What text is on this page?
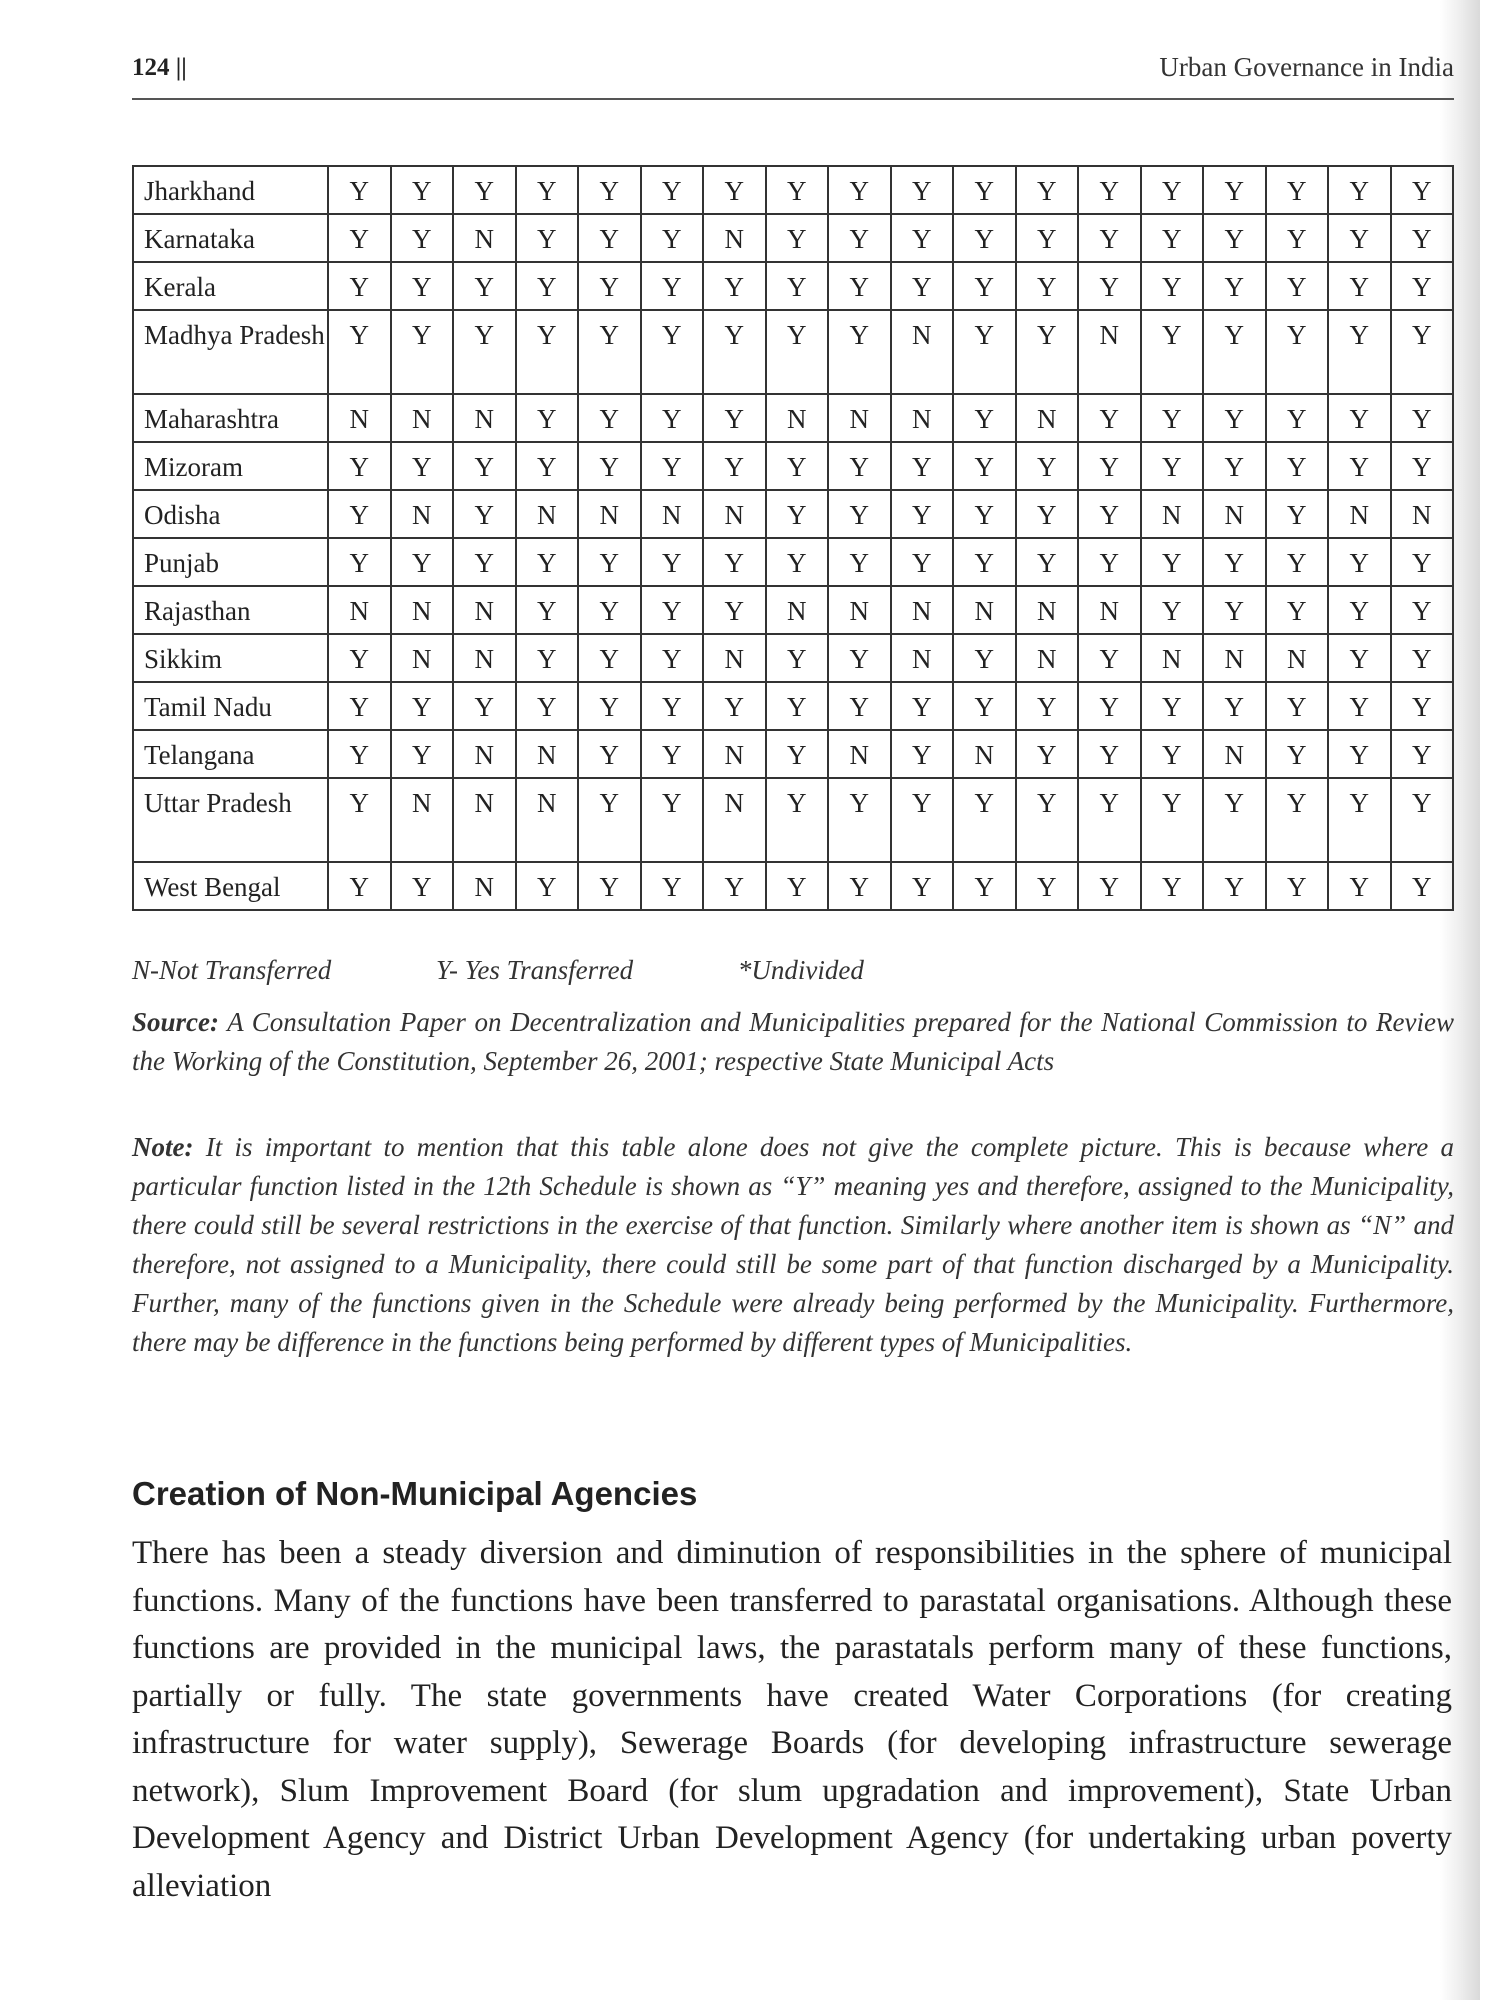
124 ||	Urban Governance in India
Jharkhand	Y	Y	Y	Y	Y	Y	Y	Y	Y	Y	Y	Y	Y	Y	Y	Y	Y	Y
Karnataka	Y	Y	N	Y	Y	Y	N	Y	Y	Y	Y	Y	Y	Y	Y	Y	Y	Y
Kerala	Y	Y	Y	Y	Y	Y	Y	Y	Y	Y	Y	Y	Y	Y	Y	Y	Y	Y
Madhya Pradesh	Y	Y	Y	Y	Y	Y	Y	Y	Y	N	Y	Y	N	Y	Y	Y	Y	Y
Maharashtra	N	N	N	Y	Y	Y	Y	N	N	N	Y	N	Y	Y	Y	Y	Y	Y
Mizoram	Y	Y	Y	Y	Y	Y	Y	Y	Y	Y	Y	Y	Y	Y	Y	Y	Y	Y
Odisha	Y	N	Y	N	N	N	N	Y	Y	Y	Y	Y	Y	N	N	Y	N	N
Punjab	Y	Y	Y	Y	Y	Y	Y	Y	Y	Y	Y	Y	Y	Y	Y	Y	Y	Y
Rajasthan	N	N	N	Y	Y	Y	Y	N	N	N	N	N	N	Y	Y	Y	Y	Y
Sikkim	Y	N	N	Y	Y	Y	N	Y	Y	N	Y	N	Y	N	N	N	Y	Y
Tamil Nadu	Y	Y	Y	Y	Y	Y	Y	Y	Y	Y	Y	Y	Y	Y	Y	Y	Y	Y
Telangana	Y	Y	N	N	Y	Y	N	Y	N	Y	N	Y	Y	Y	N	Y	Y	Y
Uttar Pradesh	Y	N	N	N	Y	Y	N	Y	Y	Y	Y	Y	Y	Y	Y	Y	Y	Y
West Bengal	Y	Y	N	Y	Y	Y	Y	Y	Y	Y	Y	Y	Y	Y	Y	Y	Y	Y
N-Not Transferred	Y- Yes Transferred	*Undivided
Source: A Consultation Paper on Decentralization and Municipalities prepared for the National Commission to Review the Working of the Constitution, September 26, 2001; respective State Municipal Acts
Note: It is important to mention that this table alone does not give the complete picture. This is because where a particular function listed in the 12th Schedule is shown as “Y” meaning yes and therefore, assigned to the Municipality, there could still be several restrictions in the exercise of that function. Similarly where another item is shown as “N” and therefore, not assigned to a Municipality, there could still be some part of that function discharged by a Municipality. Further, many of the functions given in the Schedule were already being performed by the Municipality. Furthermore, there may be difference in the functions being performed by different types of Municipalities.
Creation of Non-Municipal Agencies
There has been a steady diversion and diminution of responsibilities in the sphere of municipal functions. Many of the functions have been transferred to parastatal organisations. Although these functions are provided in the municipal laws, the parastatals perform many of these functions, partially or fully. The state governments have created Water Corporations (for creating infrastructure for water supply), Sewerage Boards (for developing infrastructure sewerage network), Slum Improvement Board (for slum upgradation and improvement), State Urban Development Agency and District Urban Development Agency (for undertaking urban poverty alleviation
